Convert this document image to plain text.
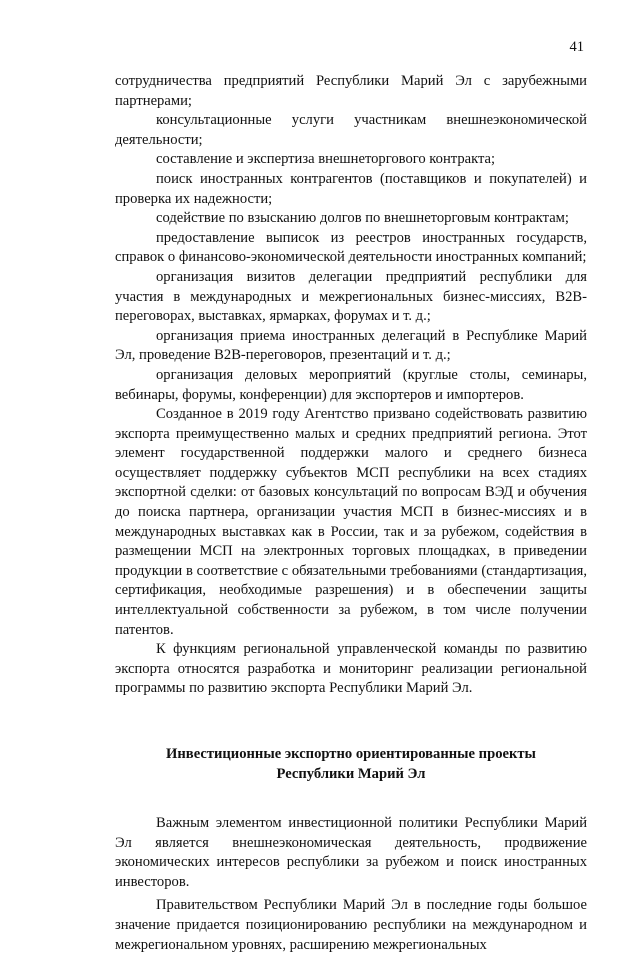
41

сотрудничества предприятий Республики Марий Эл с зарубежными партнерами;

консультационные услуги участникам внешнеэкономической деятельности;

составление и экспертиза внешнеторгового контракта;

поиск иностранных контрагентов (поставщиков и покупателей) и проверка их надежности;

содействие по взысканию долгов по внешнеторговым контрактам;

предоставление выписок из реестров иностранных государств, справок о финансово-экономической деятельности иностранных компаний;

организация визитов делегации предприятий республики для участия в международных и межрегиональных бизнес-миссиях, B2B-переговорах, выставках, ярмарках, форумах и т. д.;

организация приема иностранных делегаций в Республике Марий Эл, проведение B2B-переговоров, презентаций и т. д.;

организация деловых мероприятий (круглые столы, семинары, вебинары, форумы, конференции) для экспортеров и импортеров.

Созданное в 2019 году Агентство призвано содействовать развитию экспорта преимущественно малых и средних предприятий региона. Этот элемент государственной поддержки малого и среднего бизнеса осуществляет поддержку субъектов МСП республики на всех стадиях экспортной сделки: от базовых консультаций по вопросам ВЭД и обучения до поиска партнера, организации участия МСП в бизнес-миссиях и в международных выставках как в России, так и за рубежом, содействия в размещении МСП на электронных торговых площадках, в приведении продукции в соответствие с обязательными требованиями (стандартизация, сертификация, необходимые разрешения) и в обеспечении защиты интеллектуальной собственности за рубежом, в том числе получении патентов.

К функциям региональной управленческой команды по развитию экспорта относятся разработка и мониторинг реализации региональной программы по развитию экспорта Республики Марий Эл.

Инвестиционные экспортно ориентированные проекты
Республики Марий Эл

Важным элементом инвестиционной политики Республики Марий Эл является внешнеэкономическая деятельность, продвижение экономических интересов республики за рубежом и поиск иностранных инвесторов.

Правительством Республики Марий Эл в последние годы большое значение придается позиционированию республики на международном и межрегиональном уровнях, расширению межрегиональных
